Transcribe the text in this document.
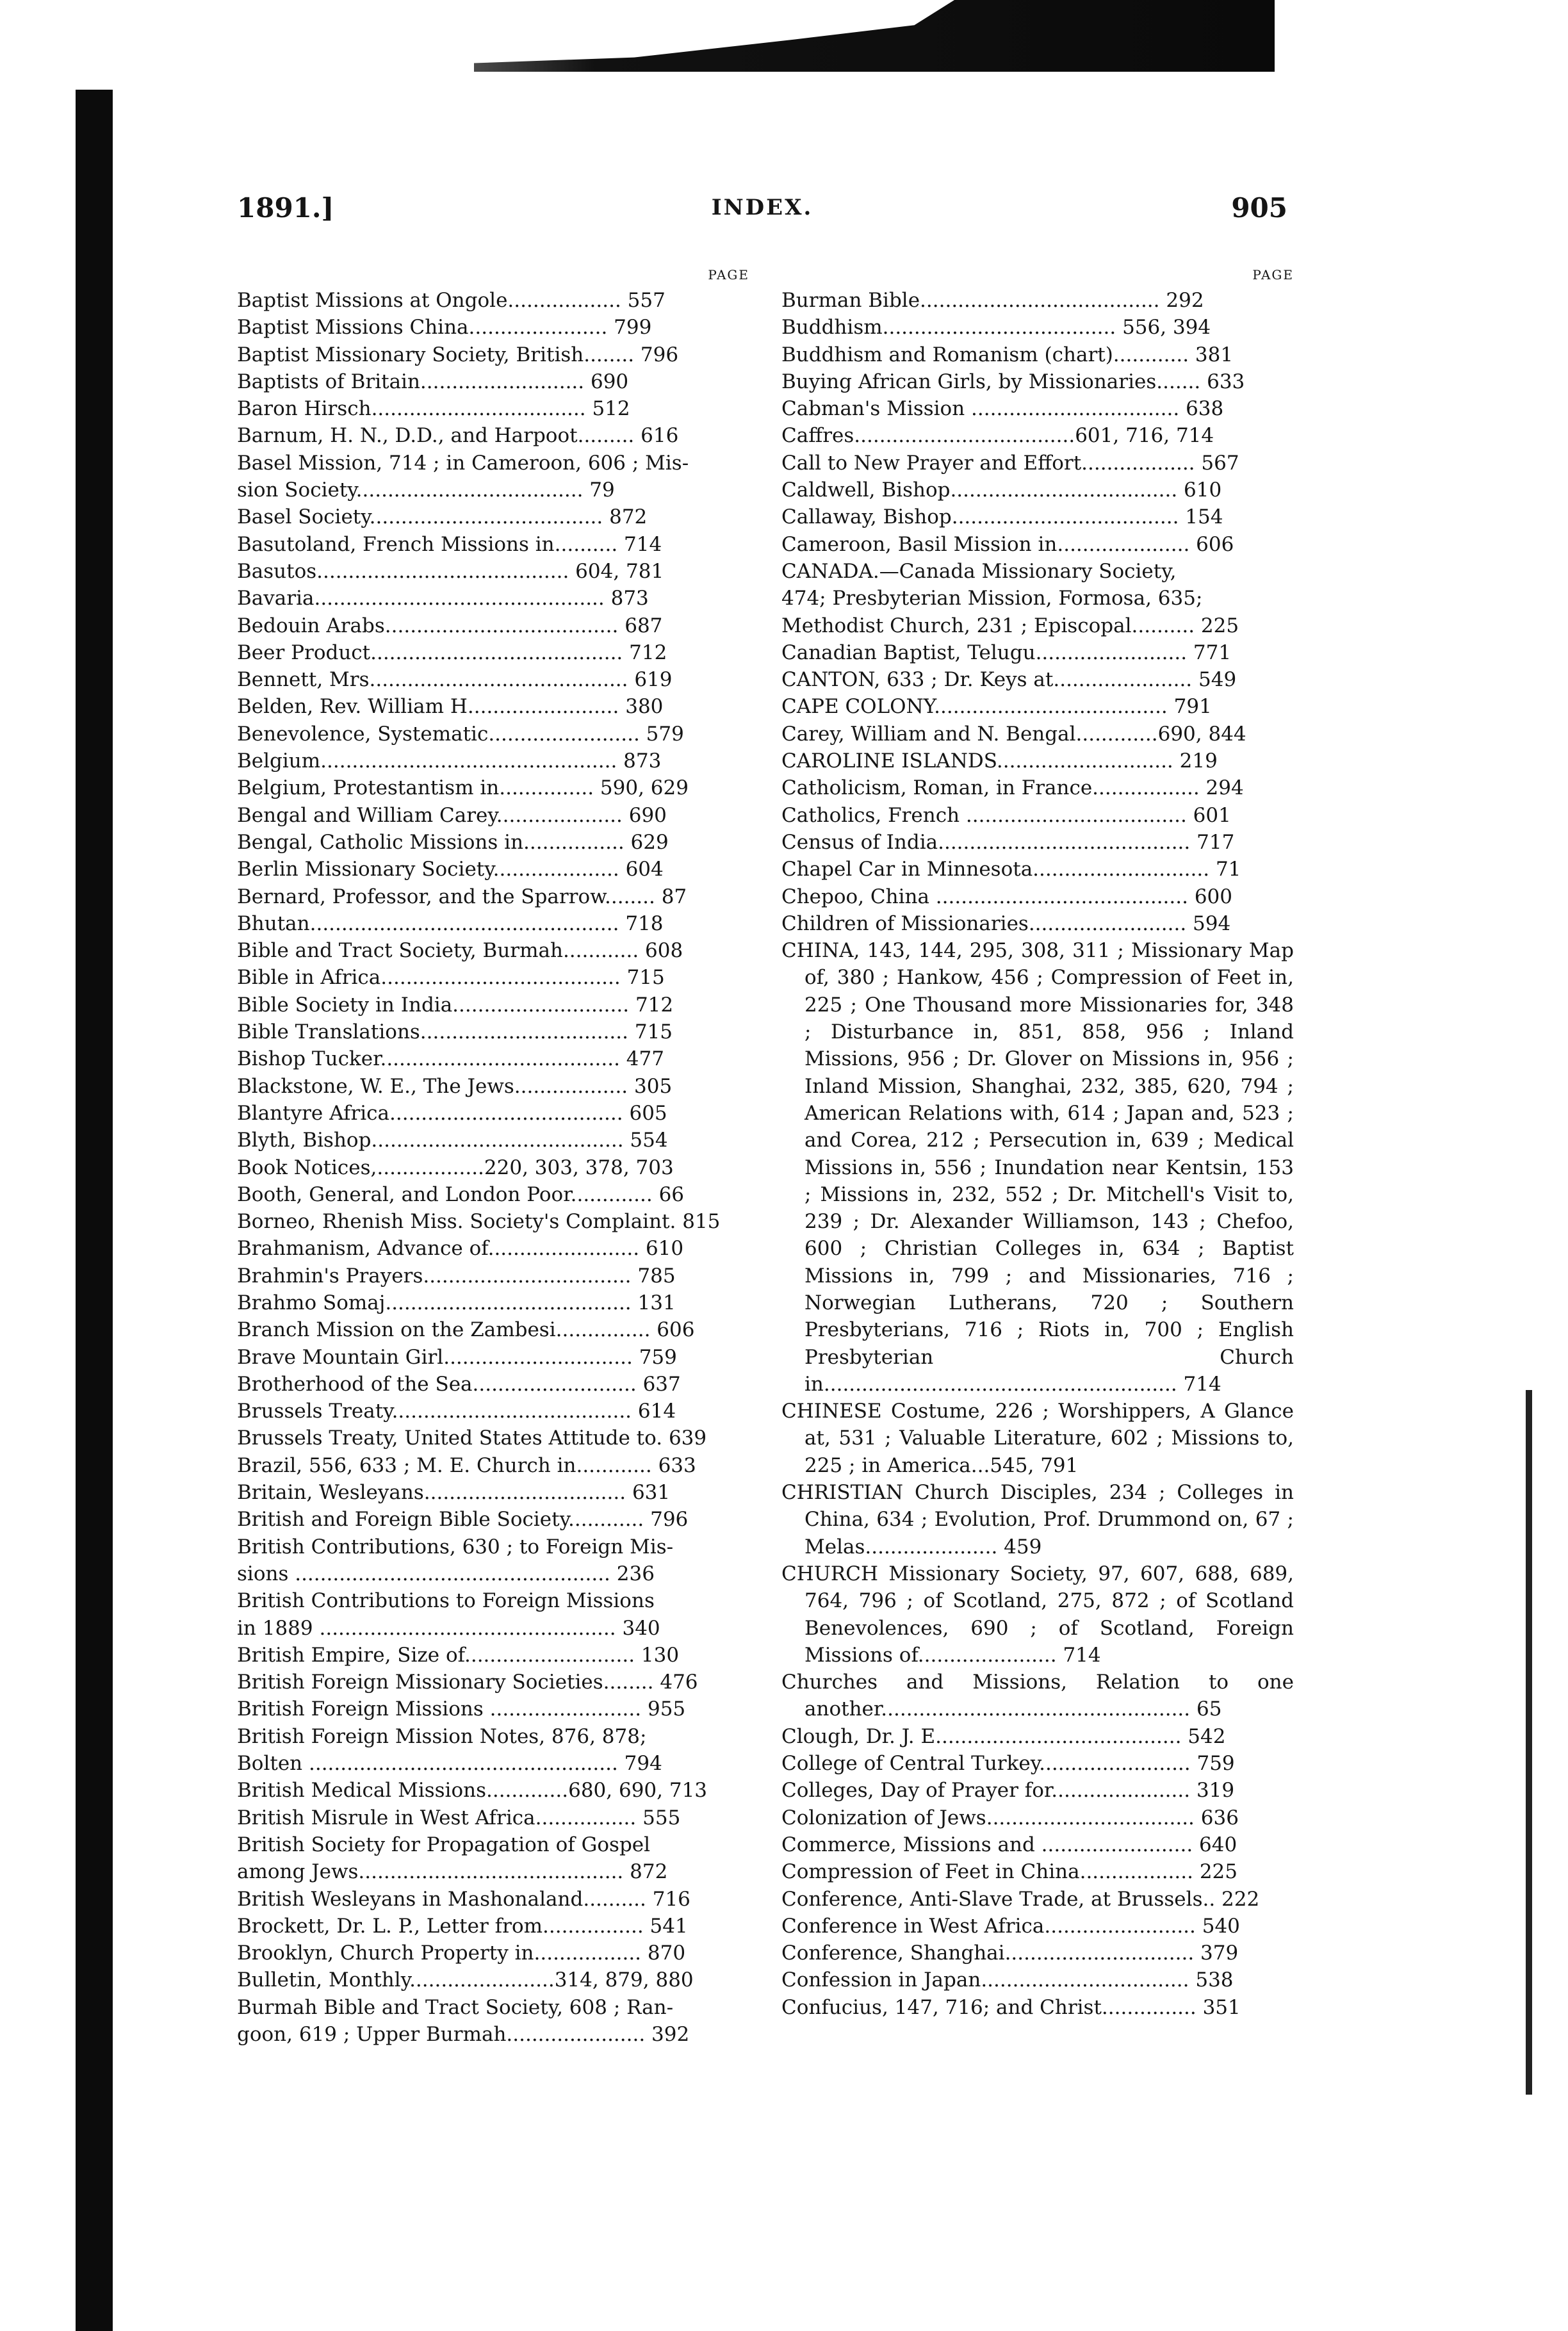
1891.]	INDEX.	905
PAGE
Baptist Missions at Ongole.................. 557
Baptist Missions China...................... 799
Baptist Missionary Society, British........ 796
Baptists of Britain.......................... 690
Baron Hirsch.................................. 512
Barnum, H. N., D.D., and Harpoot......... 616
Basel Mission, 714 ; in Cameroon, 606 ; Mis-
sion Society.................................... 79
Basel Society..................................... 872
Basutoland, French Missions in.......... 714
Basutos........................................ 604, 781
Bavaria.............................................. 873
Bedouin Arabs..................................... 687
Beer Product........................................ 712
Bennett, Mrs......................................... 619
Belden, Rev. William H........................ 380
Benevolence, Systematic........................ 579
Belgium............................................... 873
Belgium, Protestantism in............... 590, 629
Bengal and William Carey.................... 690
Bengal, Catholic Missions in................ 629
Berlin Missionary Society.................... 604
Bernard, Professor, and the Sparrow........ 87
Bhutan................................................. 718
Bible and Tract Society, Burmah............ 608
Bible in Africa...................................... 715
Bible Society in India............................ 712
Bible Translations................................. 715
Bishop Tucker...................................... 477
Blackstone, W. E., The Jews.................. 305
Blantyre Africa..................................... 605
Blyth, Bishop........................................ 554
Book Notices,.................220, 303, 378, 703
Booth, General, and London Poor............. 66
Borneo, Rhenish Miss. Society's Complaint. 815
Brahmanism, Advance of........................ 610
Brahmin's Prayers................................. 785
Brahmo Somaj....................................... 131
Branch Mission on the Zambesi............... 606
Brave Mountain Girl.............................. 759
Brotherhood of the Sea.......................... 637
Brussels Treaty...................................... 614
Brussels Treaty, United States Attitude to. 639
Brazil, 556, 633 ; M. E. Church in............ 633
Britain, Wesleyans................................ 631
British and Foreign Bible Society............ 796
British Contributions, 630 ; to Foreign Mis-
sions .................................................. 236
British Contributions to Foreign Missions
in 1889 ............................................... 340
British Empire, Size of........................... 130
British Foreign Missionary Societies........ 476
British Foreign Missions ........................ 955
British Foreign Mission Notes, 876, 878;
Bolten ................................................. 794
British Medical Missions.............680, 690, 713
British Misrule in West Africa................ 555
British Society for Propagation of Gospel
among Jews.......................................... 872
British Wesleyans in Mashonaland.......... 716
Brockett, Dr. L. P., Letter from................ 541
Brooklyn, Church Property in................. 870
Bulletin, Monthly.......................314, 879, 880
Burmah Bible and Tract Society, 608 ; Ran-
goon, 619 ; Upper Burmah...................... 392
PAGE
Burman Bible...................................... 292
Buddhism..................................... 556, 394
Buddhism and Romanism (chart)............ 381
Buying African Girls, by Missionaries....... 633
Cabman's Mission ................................. 638
Caffres...................................601, 716, 714
Call to New Prayer and Effort.................. 567
Caldwell, Bishop.................................... 610
Callaway, Bishop.................................... 154
Cameroon, Basil Mission in..................... 606
CANADA.—Canada Missionary Society,
474; Presbyterian Mission, Formosa, 635;
Methodist Church, 231 ; Episcopal.......... 225
Canadian Baptist, Telugu........................ 771
CANTON, 633 ; Dr. Keys at...................... 549
CAPE COLONY..................................... 791
Carey, William and N. Bengal.............690, 844
CAROLINE ISLANDS............................ 219
Catholicism, Roman, in France................. 294
Catholics, French ................................... 601
Census of India........................................ 717
Chapel Car in Minnesota............................ 71
Chepoo, China ........................................ 600
Children of Missionaries......................... 594
CHINA, 143, 144, 295, 308, 311 ; Missionary Map of, 380 ; Hankow, 456 ; Compression of Feet in, 225 ; One Thousand more Missionaries for, 348 ; Disturbance in, 851, 858, 956 ; Inland Missions, 956 ; Dr. Glover on Missions in, 956 ; Inland Mission, Shanghai, 232, 385, 620, 794 ; American Relations with, 614 ; Japan and, 523 ; and Corea, 212 ; Persecution in, 639 ; Medical Missions in, 556 ; Inundation near Kentsin, 153 ; Missions in, 232, 552 ; Dr. Mitchell's Visit to, 239 ; Dr. Alexander Williamson, 143 ; Chefoo, 600 ; Christian Colleges in, 634 ; Baptist Missions in, 799 ; and Missionaries, 716 ; Norwegian Lutherans, 720 ; Southern Presbyterians, 716 ; Riots in, 700 ; English Presbyterian Church in........................................................ 714
CHINESE Costume, 226 ; Worshippers, A Glance at, 531 ; Valuable Literature, 602 ; Missions to, 225 ; in America...545, 791
CHRISTIAN Church Disciples, 234 ; Colleges in China, 634 ; Evolution, Prof. Drummond on, 67 ; Melas..................... 459
CHURCH Missionary Society, 97, 607, 688, 689, 764, 796 ; of Scotland, 275, 872 ; of Scotland Benevolences, 690 ; of Scotland, Foreign Missions of...................... 714
Churches and Missions, Relation to one another................................................. 65
Clough, Dr. J. E....................................... 542
College of Central Turkey........................ 759
Colleges, Day of Prayer for...................... 319
Colonization of Jews................................. 636
Commerce, Missions and ........................ 640
Compression of Feet in China.................. 225
Conference, Anti-Slave Trade, at Brussels.. 222
Conference in West Africa........................ 540
Conference, Shanghai.............................. 379
Confession in Japan................................. 538
Confucius, 147, 716; and Christ............... 351
